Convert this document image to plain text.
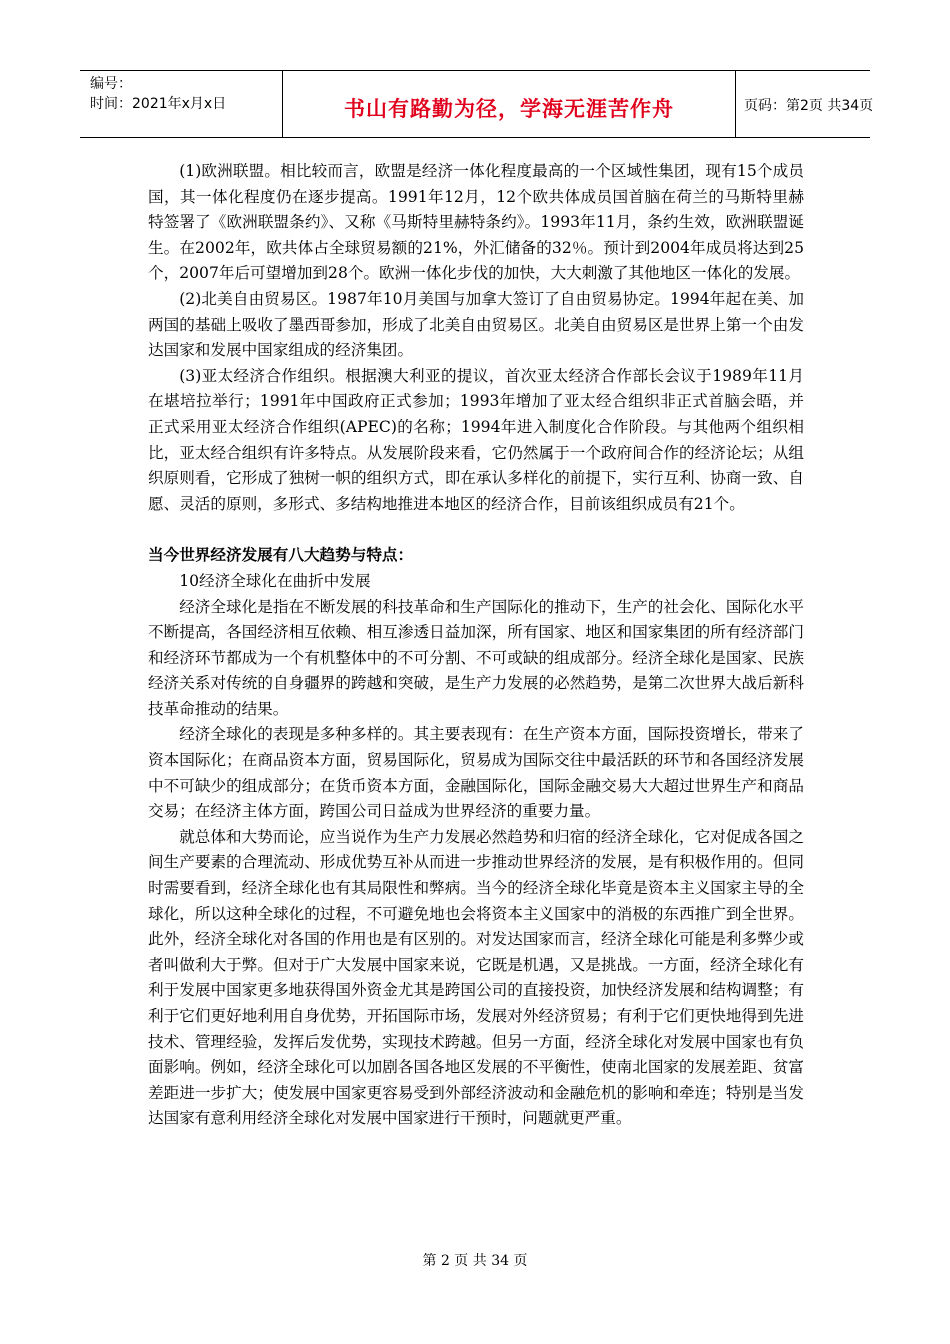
编号：
时间：2021年x月x日	书山有路勤为径，学海无涯苦作舟	页码：第2页 共34页

(1)欧洲联盟。相比较而言，欧盟是经济一体化程度最高的一个区域性集团，现有15个成员国，其一体化程度仍在逐步提高。1991年12月，12个欧共体成员国首脑在荷兰的马斯特里赫特签署了《欧洲联盟条约》、又称《马斯特里赫特条约》。1993年11月，条约生效，欧洲联盟诞生。在2002年，欧共体占全球贸易额的21%，外汇储备的32％。预计到2004年成员将达到25个，2007年后可望增加到28个。欧洲一体化步伐的加快，大大刺激了其他地区一体化的发展。

(2)北美自由贸易区。1987年10月美国与加拿大签订了自由贸易协定。1994年起在美、加两国的基础上吸收了墨西哥参加，形成了北美自由贸易区。北美自由贸易区是世界上第一个由发达国家和发展中国家组成的经济集团。

(3)亚太经济合作组织。根据澳大利亚的提议，首次亚太经济合作部长会议于1989年11月在堪培拉举行；1991年中国政府正式参加；1993年增加了亚太经合组织非正式首脑会晤，并正式采用亚太经济合作组织(APEC)的名称；1994年进入制度化合作阶段。与其他两个组织相比，亚太经合组织有许多特点。从发展阶段来看，它仍然属于一个政府间合作的经济论坛；从组织原则看，它形成了独树一帜的组织方式，即在承认多样化的前提下，实行互利、协商一致、自愿、灵活的原则，多形式、多结构地推进本地区的经济合作，目前该组织成员有21个。

当今世界经济发展有八大趋势与特点：

10经济全球化在曲折中发展

经济全球化是指在不断发展的科技革命和生产国际化的推动下，生产的社会化、国际化水平不断提高，各国经济相互依赖、相互渗透日益加深，所有国家、地区和国家集团的所有经济部门和经济环节都成为一个有机整体中的不可分割、不可或缺的组成部分。经济全球化是国家、民族经济关系对传统的自身疆界的跨越和突破，是生产力发展的必然趋势，是第二次世界大战后新科技革命推动的结果。

经济全球化的表现是多种多样的。其主要表现有：在生产资本方面，国际投资增长，带来了资本国际化；在商品资本方面，贸易国际化，贸易成为国际交往中最活跃的环节和各国经济发展中不可缺少的组成部分；在货币资本方面，金融国际化，国际金融交易大大超过世界生产和商品交易；在经济主体方面，跨国公司日益成为世界经济的重要力量。

就总体和大势而论，应当说作为生产力发展必然趋势和归宿的经济全球化，它对促成各国之间生产要素的合理流动、形成优势互补从而进一步推动世界经济的发展，是有积极作用的。但同时需要看到，经济全球化也有其局限性和弊病。当今的经济全球化毕竟是资本主义国家主导的全球化，所以这种全球化的过程，不可避免地也会将资本主义国家中的消极的东西推广到全世界。此外，经济全球化对各国的作用也是有区别的。对发达国家而言，经济全球化可能是利多弊少或者叫做利大于弊。但对于广大发展中国家来说，它既是机遇，又是挑战。一方面，经济全球化有利于发展中国家更多地获得国外资金尤其是跨国公司的直接投资，加快经济发展和结构调整；有利于它们更好地利用自身优势，开拓国际市场，发展对外经济贸易；有利于它们更快地得到先进技术、管理经验，发挥后发优势，实现技术跨越。但另一方面，经济全球化对发展中国家也有负面影响。例如，经济全球化可以加剧各国各地区发展的不平衡性，使南北国家的发展差距、贫富差距进一步扩大；使发展中国家更容易受到外部经济波动和金融危机的影响和牵连；特别是当发达国家有意利用经济全球化对发展中国家进行干预时，问题就更严重。

第 2 页 共 34 页
